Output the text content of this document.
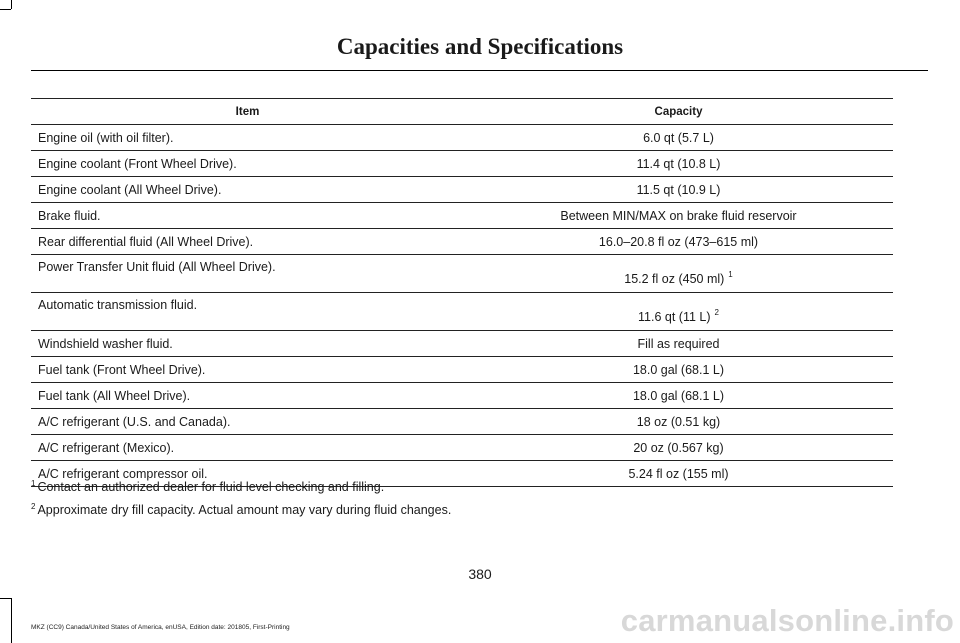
Capacities and Specifications
Item	Capacity
Engine oil (with oil filter).	6.0 qt (5.7 L)
Engine coolant (Front Wheel Drive).	11.4 qt (10.8 L)
Engine coolant (All Wheel Drive).	11.5 qt (10.9 L)
Brake fluid.	Between MIN/MAX on brake fluid reservoir
Rear differential fluid (All Wheel Drive).	16.0–20.8 fl oz (473–615 ml)
Power Transfer Unit fluid (All Wheel Drive).	15.2 fl oz (450 ml) $^1$
Automatic transmission fluid.	11.6 qt (11 L) $^2$
Windshield washer fluid.	Fill as required
Fuel tank (Front Wheel Drive).	18.0 gal (68.1 L)
Fuel tank (All Wheel Drive).	18.0 gal (68.1 L)
A/C refrigerant (U.S. and Canada).	18 oz (0.51 kg)
A/C refrigerant (Mexico).	20 oz (0.567 kg)
A/C refrigerant compressor oil.	5.24 fl oz (155 ml)
$^1$ Contact an authorized dealer for fluid level checking and filling.
$^2$ Approximate dry fill capacity. Actual amount may vary during fluid changes.
380
MKZ (CC9) Canada/United States of America, enUSA, Edition date: 201805, First-Printing	carmanualsonline.info
